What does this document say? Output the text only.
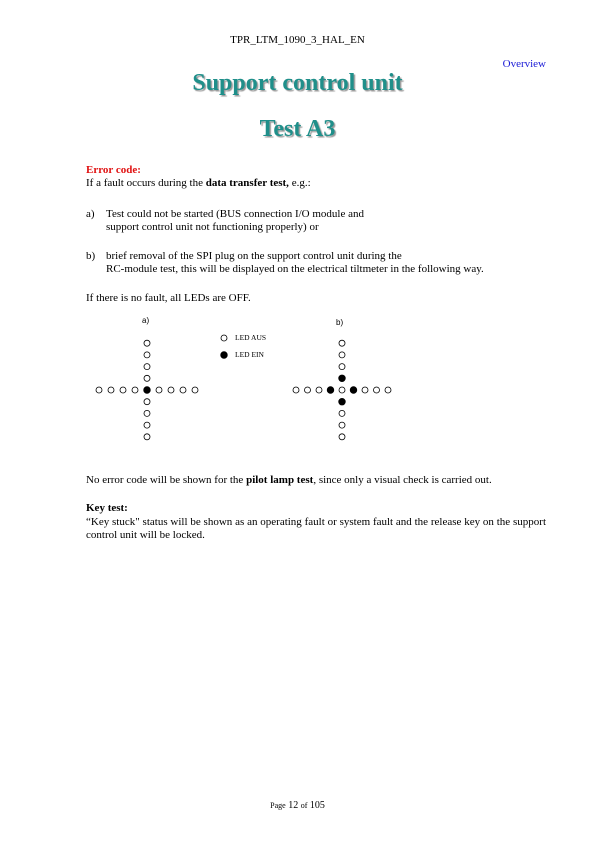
TPR_LTM_1090_3_HAL_EN
Overview
Support control unit
Test A3
Error code:
If a fault occurs during the data transfer test, e.g.:
a)	Test could not be started (BUS connection I/O module and
support control unit not functioning properly) or
b) brief removal of the SPI plug on the support control unit during the
RC-module test, this will be displayed on the electrical tiltmeter in the following way.
If there is no fault, all LEDs are OFF.
a)	b)
LED AUS
LED EIN
No error code will be shown for the pilot lamp test, since only a visual check is carried out.
Key test:
“Key stuck" status will be shown as an operating fault or system fault and the release key on the support control unit will be locked.
Page 12 of 105
